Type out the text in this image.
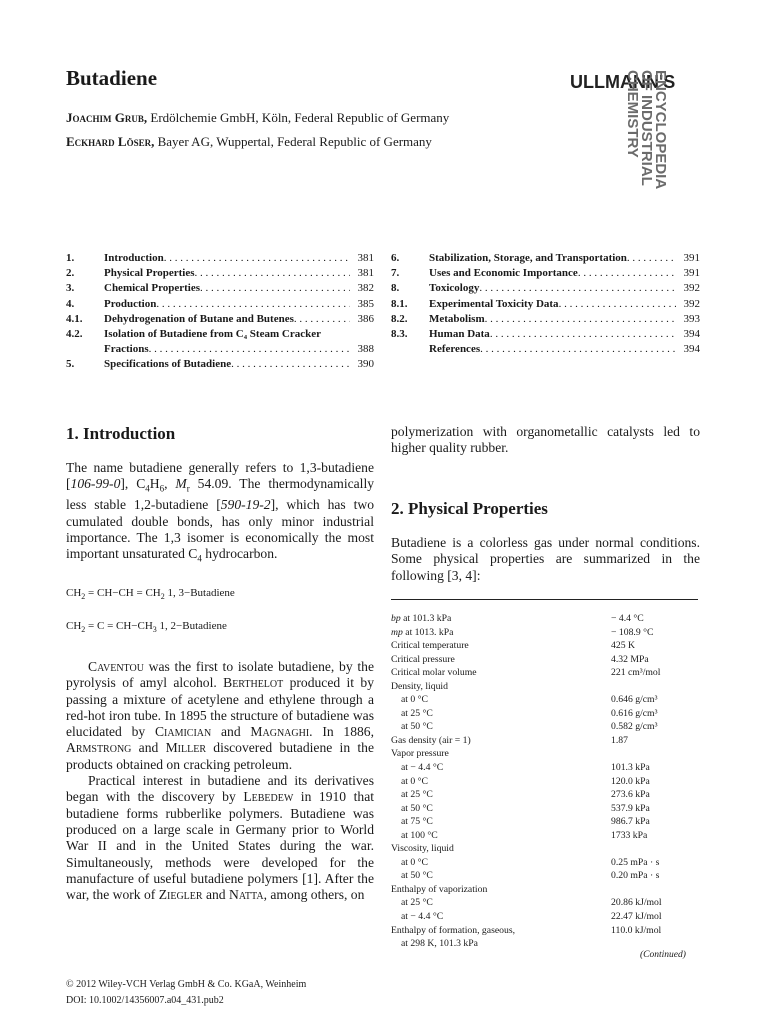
Butadiene
Joachim Grub, Erdölchemie GmbH, Köln, Federal Republic of Germany
Eckhard Löser, Bayer AG, Wuppertal, Federal Republic of Germany
ULLMANN'S
ENCYCLOPEDIA
OF INDUSTRIAL
CHEMISTRY
1.	Introduction . . .	381
2.	Physical Properties . . .	381
3.	Chemical Properties . . .	382
4.	Production . . .	385
4.1.	Dehydrogenation of Butane and Butenes . . .	386
4.2.	Isolation of Butadiene from C₄ Steam Cracker
Fractions . . .	388
5.	Specifications of Butadiene . . .	390
6.	Stabilization, Storage, and Transportation . . .	391
7.	Uses and Economic Importance . . .	391
8.	Toxicology . . .	392
8.1.	Experimental Toxicity Data . . .	392
8.2.	Metabolism . . .	393
8.3.	Human Data . . .	394
References . . .	394
1. Introduction

The name butadiene generally refers to 1,3-butadiene [106-99-0], $C_4H_6$, $M_r$ 54.09. The thermodynamically less stable 1,2-butadiene [590-19-2], which has two cumulated double bonds, has only minor industrial importance. The 1,3 isomer is economically the most important unsaturated $C_4$ hydrocarbon.

$CH_2 = CH-CH = CH_2$ 1, 3−Butadiene
$CH_2 = C = CH-CH_3$ 1, 2−Butadiene

Caventou was the first to isolate butadiene, by the pyrolysis of amyl alcohol. Berthelot produced it by passing a mixture of acetylene and ethylene through a red-hot iron tube. In 1895 the structure of butadiene was elucidated by Ciamician and Magnaghi. In 1886, Armstrong and Miller discovered butadiene in the products obtained on cracking petroleum.

Practical interest in butadiene and its derivatives began with the discovery by Lebedew in 1910 that butadiene forms rubberlike polymers. Butadiene was produced on a large scale in Germany prior to World War II and in the United States during the war. Simultaneously, methods were developed for the manufacture of useful butadiene polymers [1]. After the war, the work of Ziegler and Natta, among others, on

polymerization with organometallic catalysts led to higher quality rubber.

2. Physical Properties

Butadiene is a colorless gas under normal conditions. Some physical properties are summarized in the following [3, 4]:

bp at 101.3 kPa	− 4.4 °C
mp at 1013. kPa	− 108.9 °C
Critical temperature	425 K
Critical pressure	4.32 MPa
Critical molar volume	221 cm³/mol
Density, liquid
at 0 °C	0.646 g/cm³
at 25 °C	0.616 g/cm³
at 50 °C	0.582 g/cm³
Gas density (air = 1)	1.87
Vapor pressure
at − 4.4 °C	101.3 kPa
at 0 °C	120.0 kPa
at 25 °C	273.6 kPa
at 50 °C	537.9 kPa
at 75 °C	986.7 kPa
at 100 °C	1733 kPa
Viscosity, liquid
at 0 °C	0.25 mPa · s
at 50 °C	0.20 mPa · s
Enthalpy of vaporization
at 25 °C	20.86 kJ/mol
at − 4.4 °C	22.47 kJ/mol
Enthalpy of formation, gaseous,	110.0 kJ/mol
at 298 K, 101.3 kPa
(Continued)
© 2012 Wiley-VCH Verlag GmbH & Co. KGaA, Weinheim
DOI: 10.1002/14356007.a04_431.pub2
